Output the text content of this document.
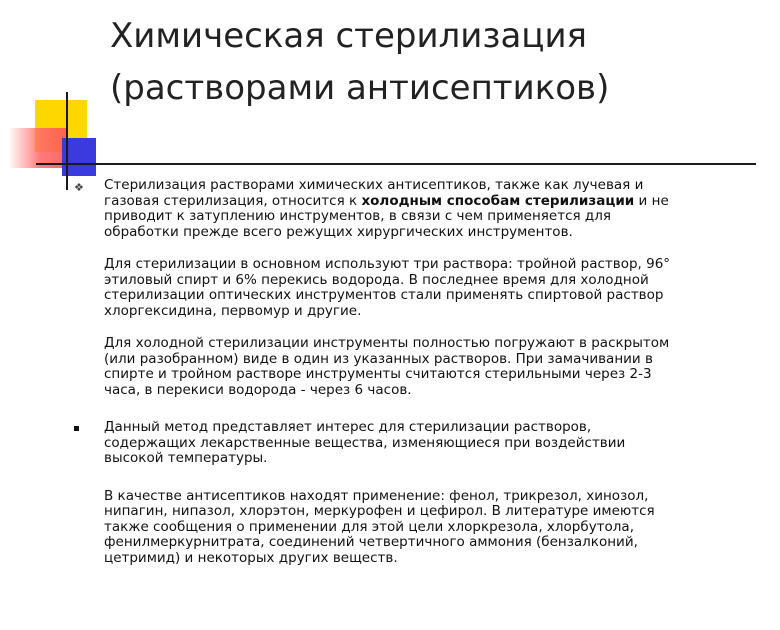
Химическая стерилизация
(растворами антисептиков)
❖ Стерилизация растворами химических антисептиков, также как лучевая и
газовая стерилизация, относится к холодным способам стерилизации и не
приводит к затуплению инструментов, в связи с чем применяется для
обработки прежде всего режущих хирургических инструментов.

Для стерилизации в основном используют три раствора: тройной раствор, 96°
этиловый спирт и 6% перекись водорода. В последнее время для холодной
стерилизации оптических инструментов стали применять спиртовой раствор
хлоргексидина, первомур и другие.

Для холодной стерилизации инструменты полностью погружают в раскрытом
(или разобранном) виде в один из указанных растворов. При замачивании в
спирте и тройном растворе инструменты считаются стерильными через 2-3
часа, в перекиси водорода - через 6 часов.

Данный метод представляет интерес для стерилизации растворов,
содержащих лекарственные вещества, изменяющиеся при воздействии
высокой температуры.

В качестве антисептиков находят применение: фенол, трикрезол, хинозол,
нипагин, нипазол, хлорэтон, меркурофен и цефирол. В литературе имеются
также сообщения о применении для этой цели хлоркрезола, хлорбутола,
фенилмеркурнитрата, соединений четвертичного аммония (бензалконий,
цетримид) и некоторых других веществ.
